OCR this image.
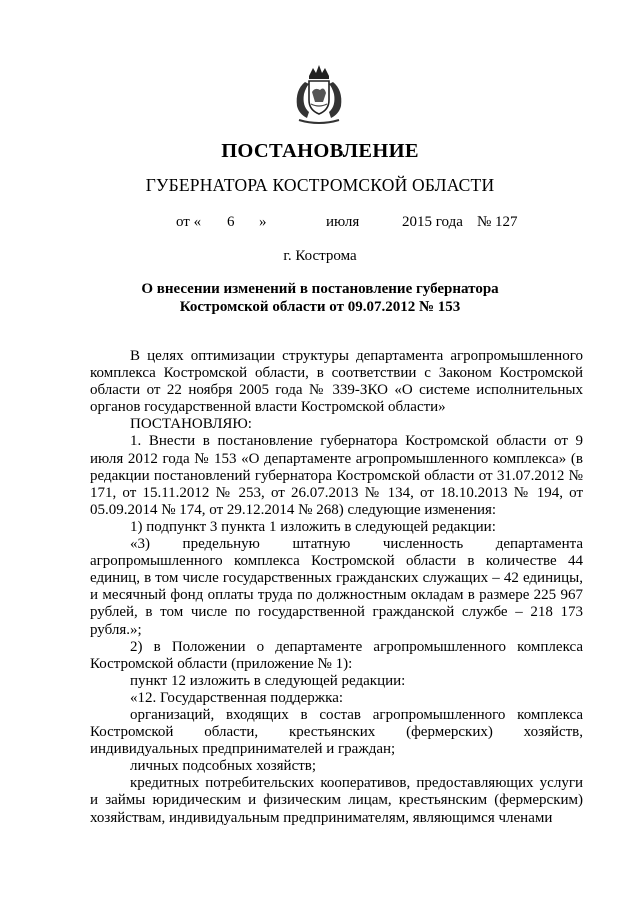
ПОСТАНОВЛЕНИЕ
ГУБЕРНАТОРА КОСТРОМСКОЙ ОБЛАСТИ
от « 6 »	июля	2015 года № 127
г. Кострома
О внесении изменений в постановление губернатора
Костромской области от 09.07.2012 № 153

В целях оптимизации структуры департамента агропромышленного комплекса Костромской области, в соответствии с Законом Костромской области от 22 ноября 2005 года № 339-ЗКО «О системе исполнительных органов государственной власти Костромской области»

ПОСТАНОВЛЯЮ:

1. Внести в постановление губернатора Костромской области от 9 июля 2012 года № 153 «О департаменте агропромышленного комплекса» (в редакции постановлений губернатора Костромской области от 31.07.2012 № 171, от 15.11.2012 № 253, от 26.07.2013 № 134, от 18.10.2013 № 194, от 05.09.2014 № 174, от 29.12.2014 № 268) следующие изменения:

1) подпункт 3 пункта 1 изложить в следующей редакции:

«3) предельную штатную численность департамента агропромышленного комплекса Костромской области в количестве 44 единиц, в том числе государственных гражданских служащих – 42 единицы, и месячный фонд оплаты труда по должностным окладам в размере 225 967 рублей, в том числе по государственной гражданской службе – 218 173 рубля.»;

2) в Положении о департаменте агропромышленного комплекса Костромской области (приложение № 1):

пункт 12 изложить в следующей редакции:

«12. Государственная поддержка:

организаций, входящих в состав агропромышленного комплекса Костромской области, крестьянских (фермерских) хозяйств, индивидуальных предпринимателей и граждан;

личных подсобных хозяйств;

кредитных потребительских кооперативов, предоставляющих услуги и займы юридическим и физическим лицам, крестьянским (фермерским) хозяйствам, индивидуальным предпринимателям, являющимся членами
